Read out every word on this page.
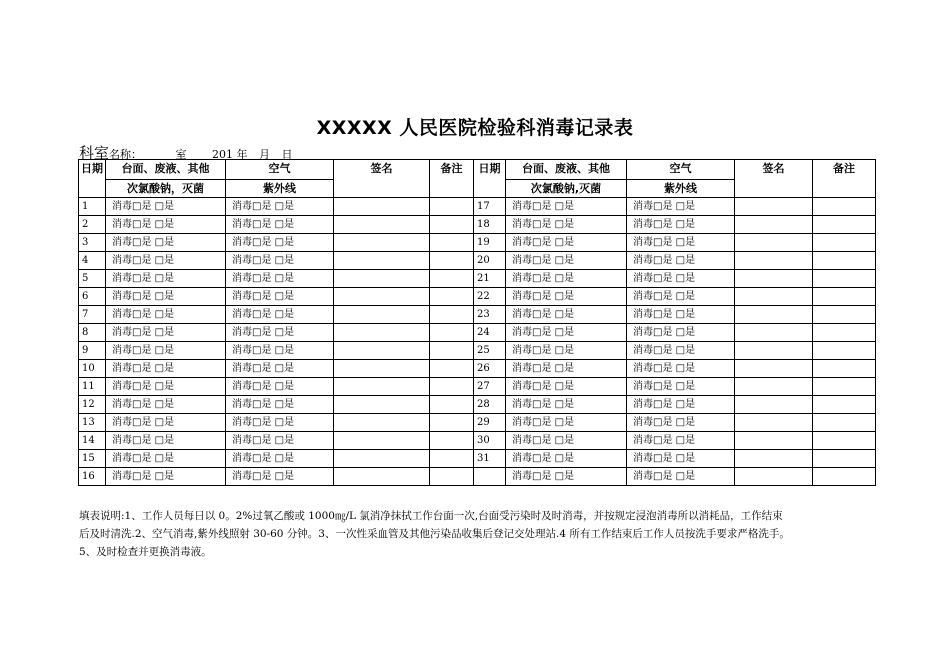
XXXXX 人民医院检验科消毒记录表
科室名称：	室 201 年 月 日
日期	台面、废液、其他	空气	签名	备注	日期	台面、废液、其他	空气	签名	备注
	次氯酸钠，灭菌	紫外线				次氯酸钠,灭菌	紫外线		
1	消毒□是 □是	消毒□是 □是			17	消毒□是 □是	消毒□是 □是		
2	消毒□是 □是	消毒□是 □是			18	消毒□是 □是	消毒□是 □是		
3	消毒□是 □是	消毒□是 □是			19	消毒□是 □是	消毒□是 □是		
4	消毒□是 □是	消毒□是 □是			20	消毒□是 □是	消毒□是 □是		
5	消毒□是 □是	消毒□是 □是			21	消毒□是 □是	消毒□是 □是		
6	消毒□是 □是	消毒□是 □是			22	消毒□是 □是	消毒□是 □是		
7	消毒□是 □是	消毒□是 □是			23	消毒□是 □是	消毒□是 □是		
8	消毒□是 □是	消毒□是 □是			24	消毒□是 □是	消毒□是 □是		
9	消毒□是 □是	消毒□是 □是			25	消毒□是 □是	消毒□是 □是		
10	消毒□是 □是	消毒□是 □是			26	消毒□是 □是	消毒□是 □是		
11	消毒□是 □是	消毒□是 □是			27	消毒□是 □是	消毒□是 □是		
12	消毒□是 □是	消毒□是 □是			28	消毒□是 □是	消毒□是 □是		
13	消毒□是 □是	消毒□是 □是			29	消毒□是 □是	消毒□是 □是		
14	消毒□是 □是	消毒□是 □是			30	消毒□是 □是	消毒□是 □是		
15	消毒□是 □是	消毒□是 □是			31	消毒□是 □是	消毒□是 □是		
16	消毒□是 □是	消毒□是 □是				消毒□是 □是	消毒□是 □是		
填表说明:1、工作人员每日以 0。2%过氧乙酸或 1000㎎/L 氯消净抹拭工作台面一次,台面受污染时及时消毒，并按规定浸泡消毒所以消耗品，工作结束
后及时清洗.2、空气消毒,紫外线照射 30-60 分钟。3、一次性采血管及其他污染品收集后登记交处理站.4 所有工作结束后工作人员按洗手要求严格洗手。
5、及时检查并更换消毒液。
